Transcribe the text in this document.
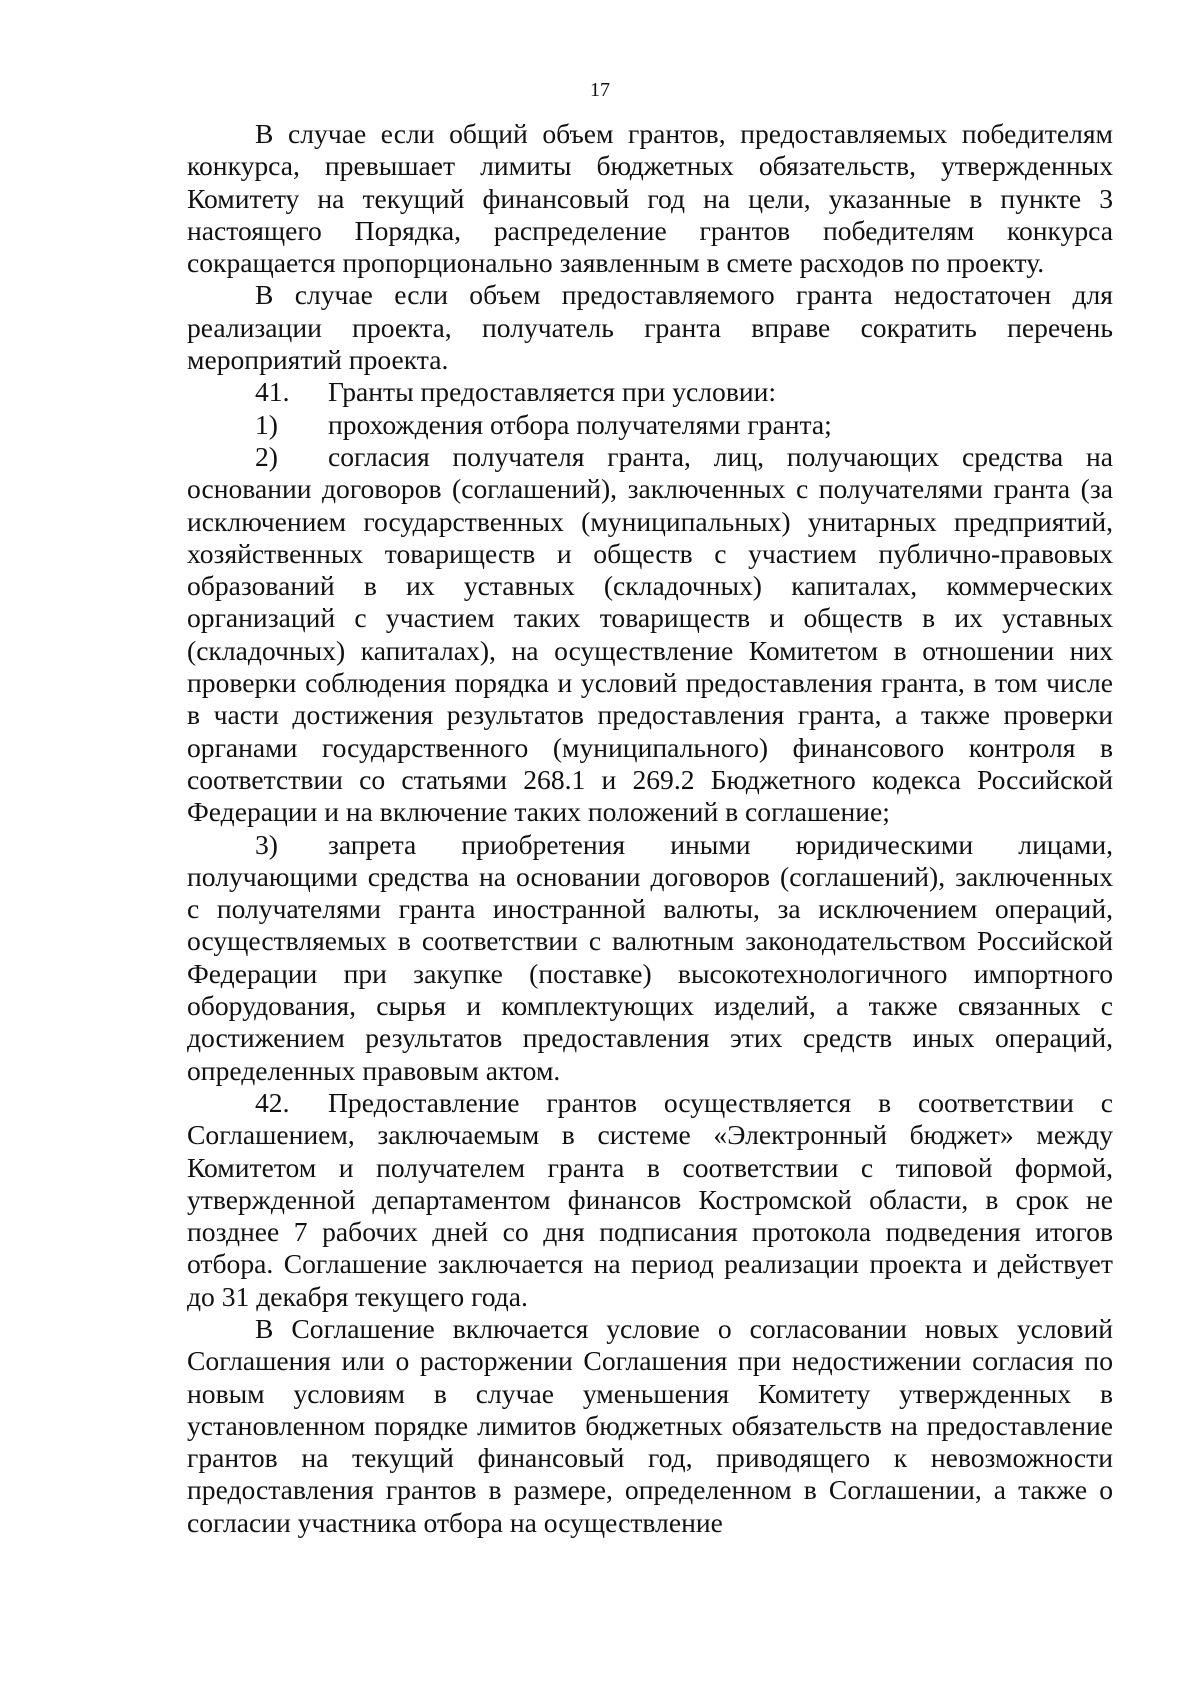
17

В случае если общий объем грантов, предоставляемых победителям конкурса, превышает лимиты бюджетных обязательств, утвержденных Комитету на текущий финансовый год на цели, указанные в пункте 3 настоящего Порядка, распределение грантов победителям конкурса сокращается пропорционально заявленным в смете расходов по проекту.

В случае если объем предоставляемого гранта недостаточен для реализации проекта, получатель гранта вправе сократить перечень мероприятий проекта.

41. Гранты предоставляется при условии:

1) прохождения отбора получателями гранта;

2) согласия получателя гранта, лиц, получающих средства на основании договоров (соглашений), заключенных с получателями гранта (за исключением государственных (муниципальных) унитарных предприятий, хозяйственных товариществ и обществ с участием публично-правовых образований в их уставных (складочных) капиталах, коммерческих организаций с участием таких товариществ и обществ в их уставных (складочных) капиталах), на осуществление Комитетом в отношении них проверки соблюдения порядка и условий предоставления гранта, в том числе в части достижения результатов предоставления гранта, а также проверки органами государственного (муниципального) финансового контроля в соответствии со статьями 268.1 и 269.2 Бюджетного кодекса Российской Федерации и на включение таких положений в соглашение;

3) запрета приобретения иными юридическими лицами, получающими средства на основании договоров (соглашений), заключенных с получателями гранта иностранной валюты, за исключением операций, осуществляемых в соответствии с валютным законодательством Российской Федерации при закупке (поставке) высокотехнологичного импортного оборудования, сырья и комплектующих изделий, а также связанных с достижением результатов предоставления этих средств иных операций, определенных правовым актом.

42. Предоставление грантов осуществляется в соответствии с Соглашением, заключаемым в системе «Электронный бюджет» между Комитетом и получателем гранта в соответствии с типовой формой, утвержденной департаментом финансов Костромской области, в срок не позднее 7 рабочих дней со дня подписания протокола подведения итогов отбора. Соглашение заключается на период реализации проекта и действует до 31 декабря текущего года.

В Соглашение включается условие о согласовании новых условий Соглашения или о расторжении Соглашения при недостижении согласия по новым условиям в случае уменьшения Комитету утвержденных в установленном порядке лимитов бюджетных обязательств на предоставление грантов на текущий финансовый год, приводящего к невозможности предоставления грантов в размере, определенном в Соглашении, а также о согласии участника отбора на осуществление
